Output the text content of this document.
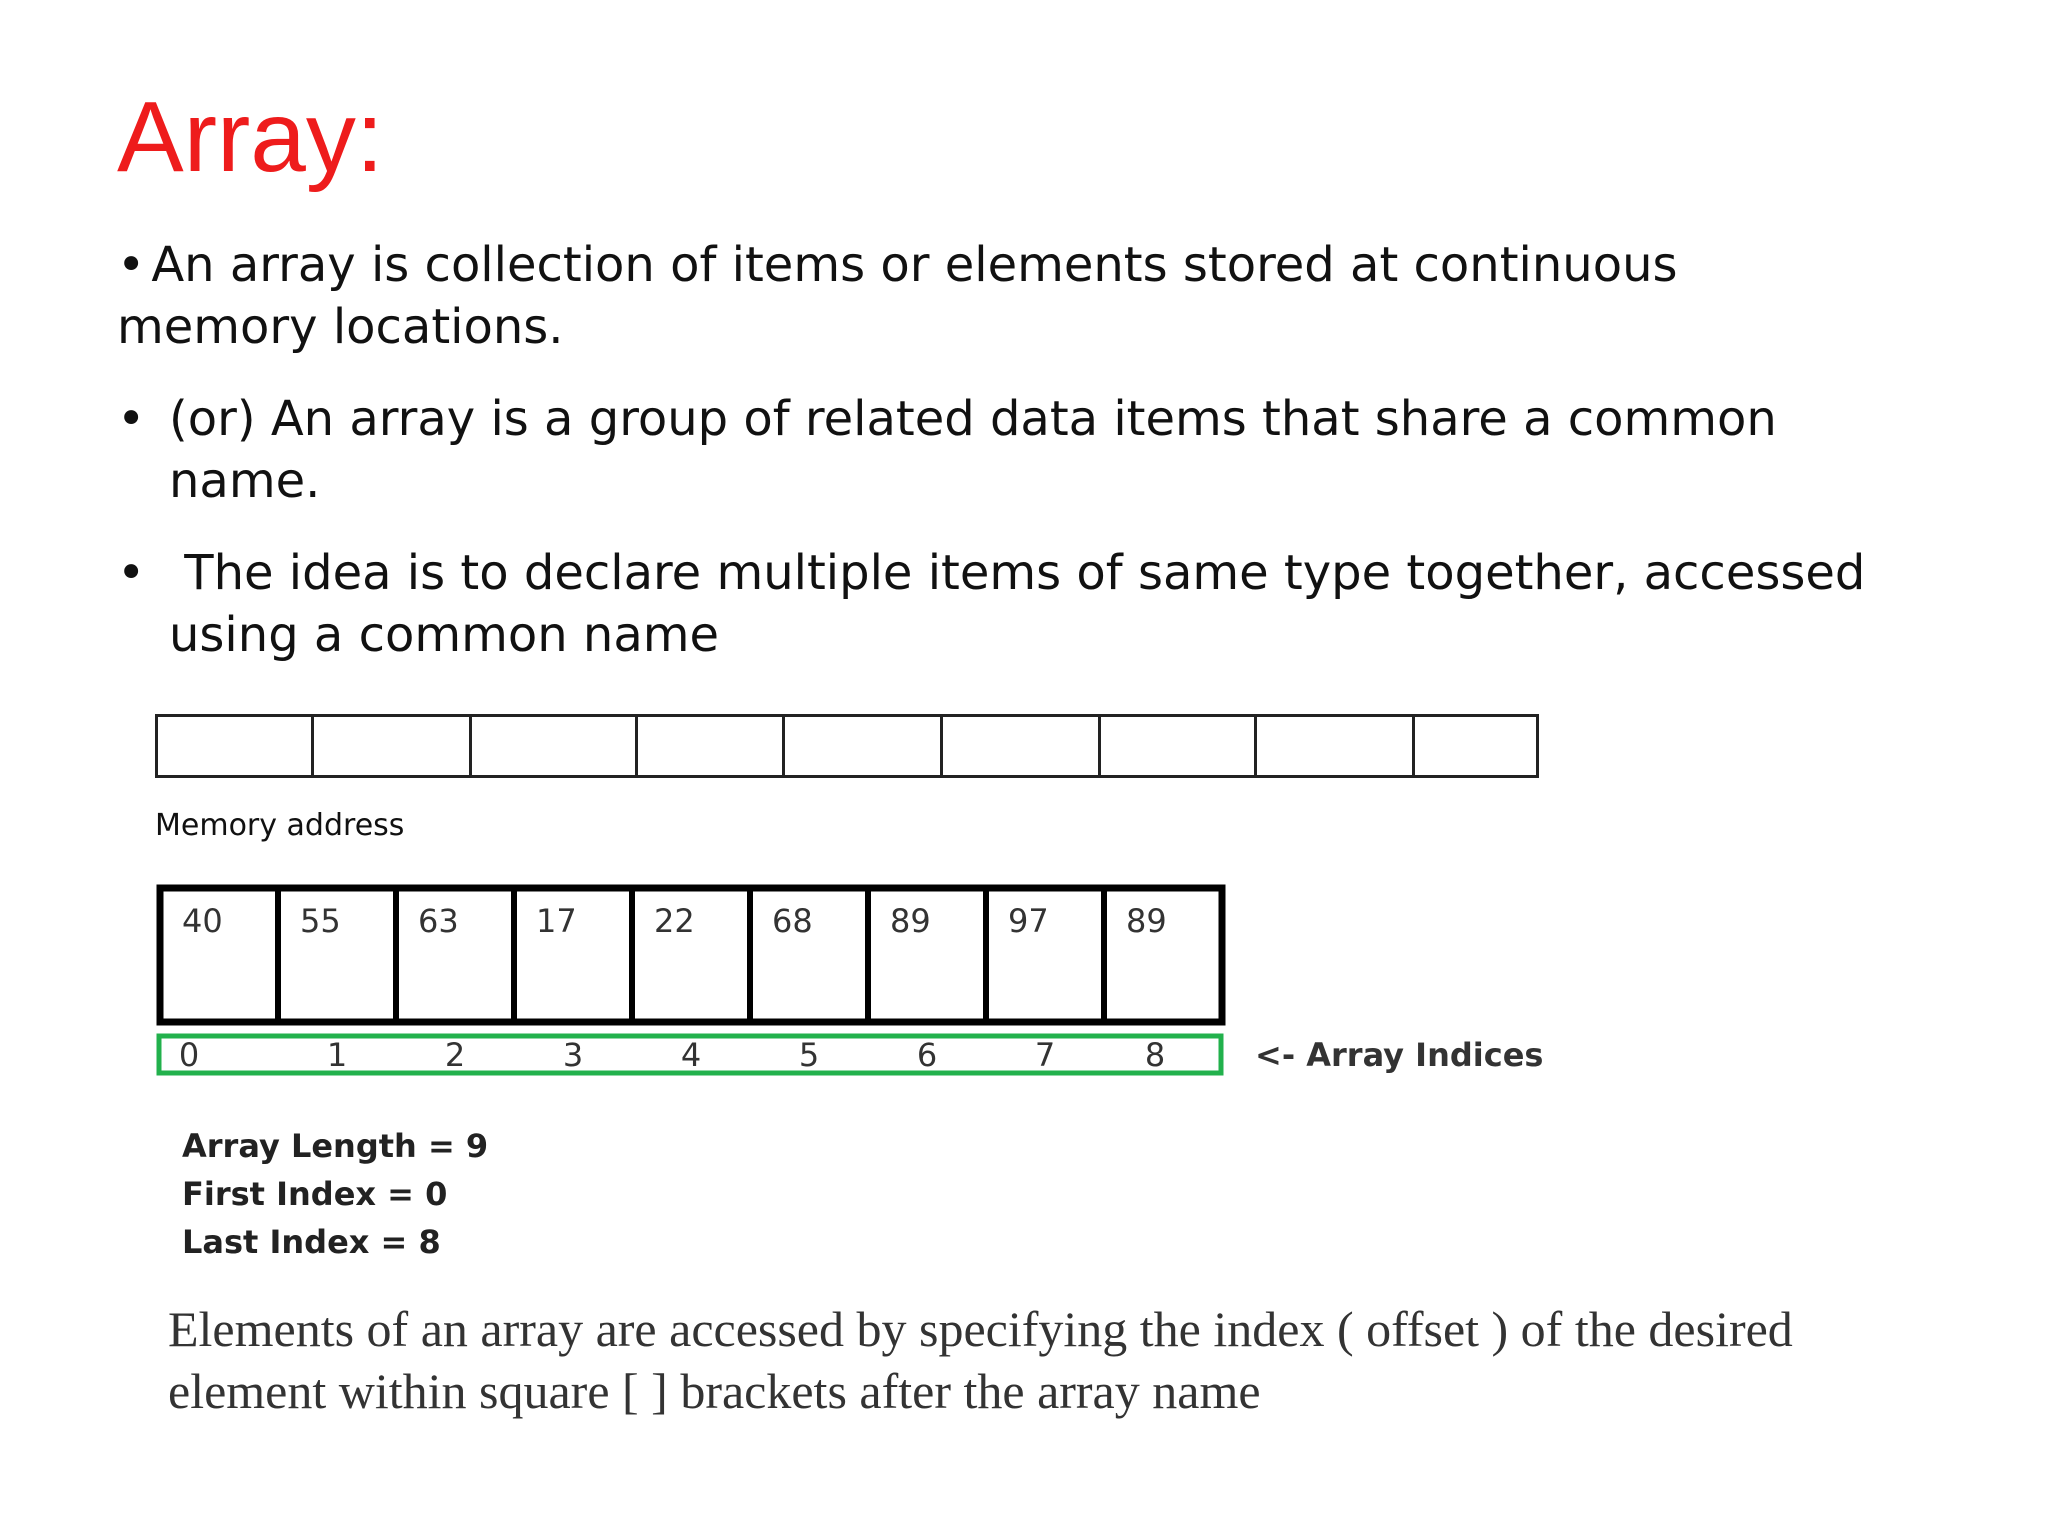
Array:

• An array is collection of items or elements stored at continuous memory locations.

• (or) An array is a group of related data items that share a common name.

• The idea is to declare multiple items of same type together, accessed using a common name

Memory address

40 55 63 17 22 68 89 97 89
0	1	2	3	4	5	6	7	8	<- Array Indices
Array Length = 9
First Index = 0
Last Index = 8

Elements of an array are accessed by specifying the index ( offset ) of the desired element within square [ ] brackets after the array name
